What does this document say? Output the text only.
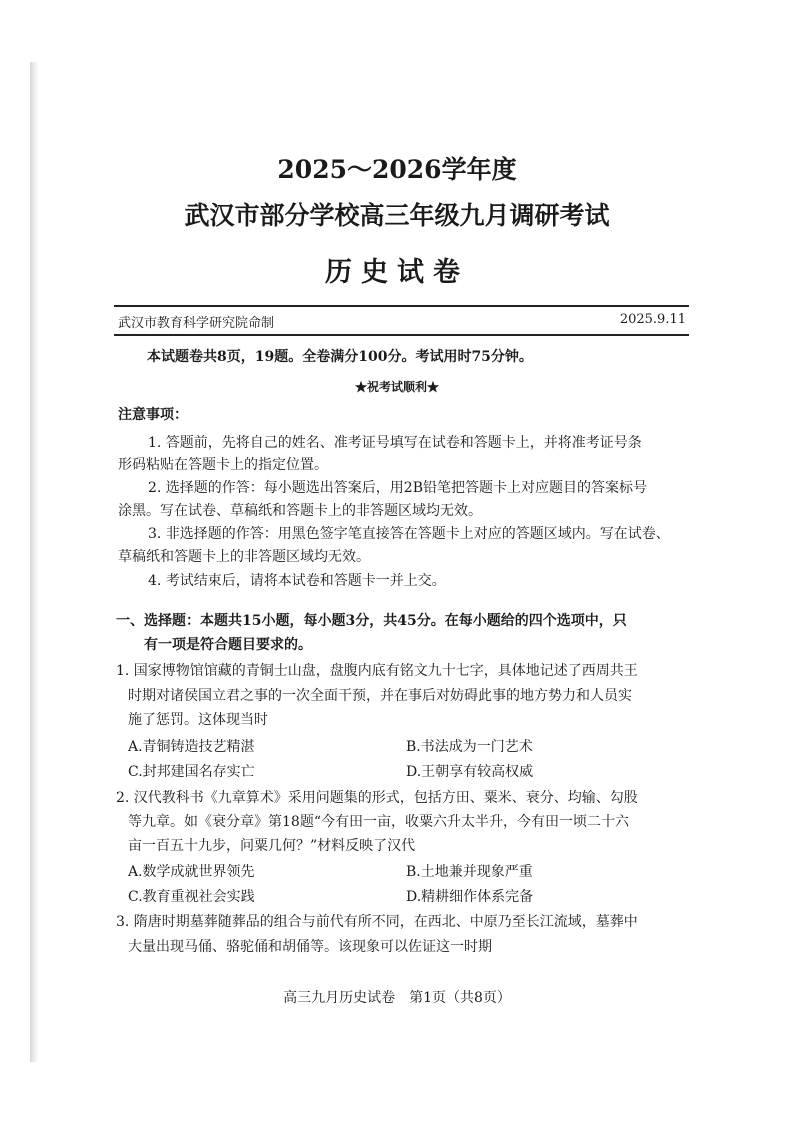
2025～2026学年度
武汉市部分学校高三年级九月调研考试
历史试卷
武汉市教育科学研究院命制	2025.9.11
本试题卷共8页，19题。全卷满分100分。考试用时75分钟。
★祝考试顺利★
注意事项：
1. 答题前，先将自己的姓名、准考证号填写在试卷和答题卡上，并将准考证号条
形码粘贴在答题卡上的指定位置。
2. 选择题的作答：每小题选出答案后，用2B铅笔把答题卡上对应题目的答案标号
涂黑。写在试卷、草稿纸和答题卡上的非答题区域均无效。
3. 非选择题的作答：用黑色签字笔直接答在答题卡上对应的答题区域内。写在试卷、
草稿纸和答题卡上的非答题区域均无效。
4. 考试结束后，请将本试卷和答题卡一并上交。
一、选择题：本题共15小题，每小题3分，共45分。在每小题给的四个选项中，只
有一项是符合题目要求的。
1. 国家博物馆馆藏的青铜士山盘，盘腹内底有铭文九十七字，具体地记述了西周共王
时期对诸侯国立君之事的一次全面干预，并在事后对妨碍此事的地方势力和人员实
施了惩罚。这体现当时
A.青铜铸造技艺精湛	B.书法成为一门艺术
C.封邦建国名存实亡	D.王朝享有较高权威
2. 汉代教科书《九章算术》采用问题集的形式，包括方田、粟米、衰分、均输、勾股
等九章。如《衰分章》第18题“今有田一亩，收粟六升太半升，今有田一顷二十六
亩一百五十九步，问粟几何？”材料反映了汉代
A.数学成就世界领先	B.土地兼并现象严重
C.教育重视社会实践	D.精耕细作体系完备
3. 隋唐时期墓葬随葬品的组合与前代有所不同，在西北、中原乃至长江流域，墓葬中
大量出现马俑、骆驼俑和胡俑等。该现象可以佐证这一时期
高三九月历史试卷　第1页（共8页）
